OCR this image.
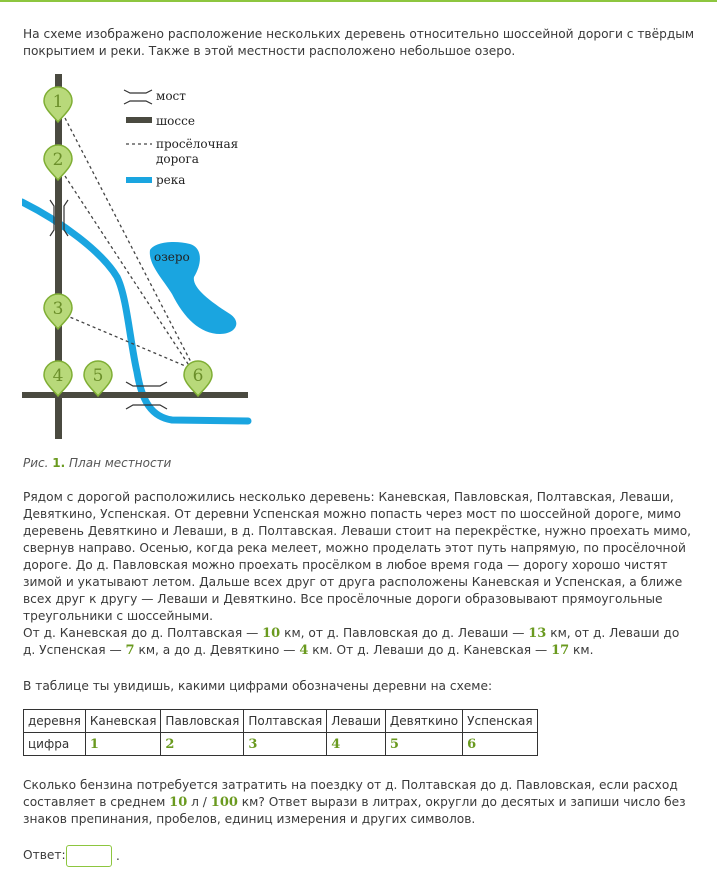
На схеме изображено расположение нескольких деревень относительно шоссейной дороги с твёрдым покрытием и реки. Также в этой местности расположено небольшое озеро.

озеро
мост
шоссе
просёлочная
дорога
река
1
2
3
4 5	6
Рис. 1. План местности

Рядом с дорогой расположились несколько деревень: Каневская, Павловская, Полтавская, Леваши, Девяткино, Успенская. От деревни Успенская можно попасть через мост по шоссейной дороге, мимо деревень Девяткино и Леваши, в д. Полтавская. Леваши стоит на перекрёстке, нужно проехать мимо, свернув направо. Осенью, когда река мелеет, можно проделать этот путь напрямую, по просёлочной дороге. До д. Павловская можно проехать просёлком в любое время года — дорогу хорошо чистят зимой и укатывают летом. Дальше всех друг от друга расположены Каневская и Успенская, а ближе всех друг к другу — Леваши и Девяткино. Все просёлочные дороги образовывают прямоугольные треугольники с шоссейными.

От д. Каневская до д. Полтавская — 10 км, от д. Павловская до д. Леваши — 13 км, от д. Леваши до д. Успенская — 7 км, а до д. Девяткино — 4 км. От д. Леваши до д. Каневская — 17 км.

В таблице ты увидишь, какими цифрами обозначены деревни на схеме:

деревня	Каневская	Павловская	Полтавская	Леваши	Девяткино	Успенская
цифра	1	2	3	4	5	6

Сколько бензина потребуется затратить на поездку от д. Полтавская до д. Павловская, если расход составляет в среднем 10 л / 100 км? Ответ вырази в литрах, округли до десятых и запиши число без знаков препинания, пробелов, единиц измерения и других символов.

Ответ:	.
